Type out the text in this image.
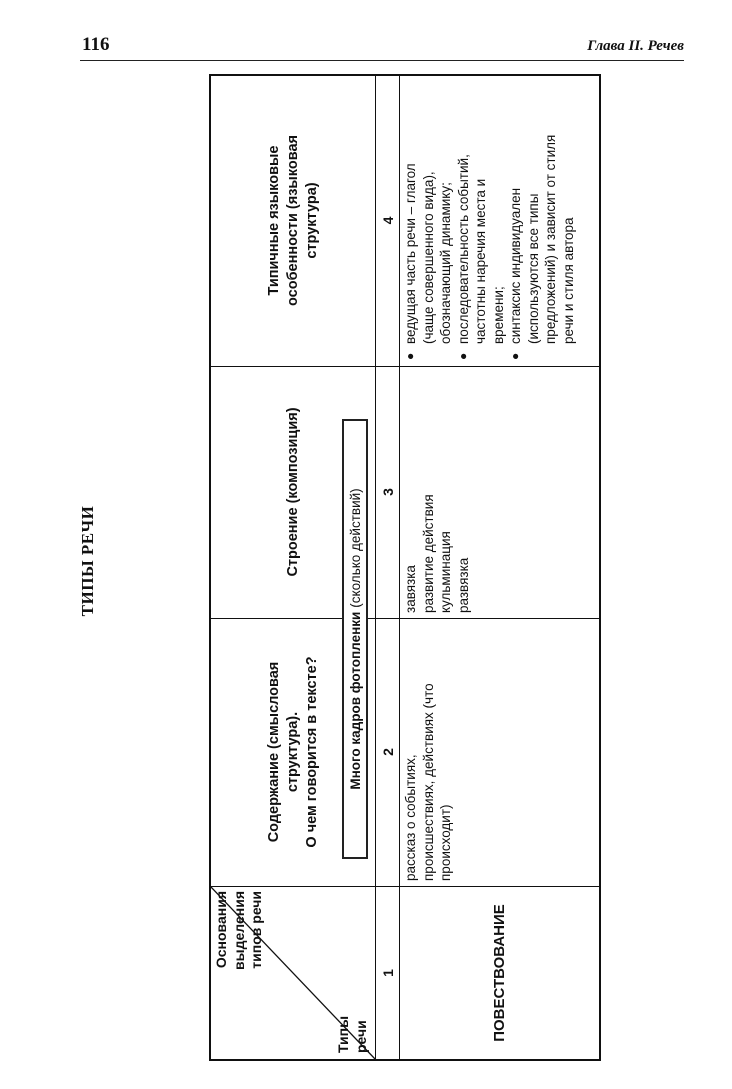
116	Глава II. Речев
ТИПЫ РЕЧИ
Основания выделения типов речи
Типы речи
Содержание (смысловая структура). О чем говорится в тексте?
Строение (композиция)
Типичные языковые особенности (языковая структура)
1
2
3
4
ПОВЕСТВОВАНИЕ
рассказ о событиях, происшествиях, действиях (что происходит)
завязка развитие действия кульминация развязка
● ведущая часть речи – глагол (чаще совершенного вида), обозначающий динамику; ● последовательность событий, частотны наречия места и времени; ● синтаксис индивидуален (используются все типы предложений) и зависит от стиля речи и стиля автора
Много кадров фотопленки
(сколько действий)
